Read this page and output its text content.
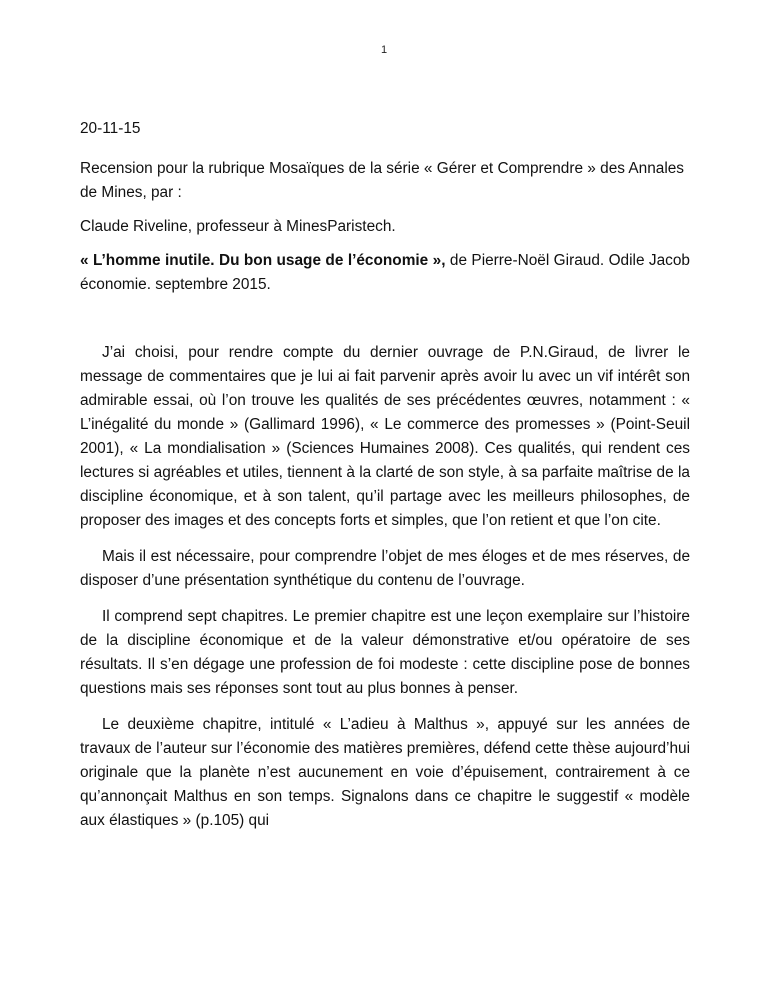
1

20-11-15

Recension pour la rubrique Mosaïques de la série « Gérer et Comprendre » des Annales de Mines, par :

Claude Riveline, professeur à MinesParistech.

« L’homme inutile. Du bon usage de l’économie », de Pierre-Noël Giraud. Odile Jacob économie. septembre 2015.

J’ai choisi, pour rendre compte du dernier ouvrage de P.N.Giraud, de livrer le message de commentaires que je lui ai fait parvenir après avoir lu avec un vif intérêt son admirable essai, où l’on trouve les qualités de ses précédentes œuvres, notamment : « L’inégalité du monde » (Gallimard 1996), « Le commerce des promesses » (Point-Seuil 2001), « La mondialisation » (Sciences Humaines 2008). Ces qualités, qui rendent ces lectures si agréables et utiles, tiennent à la clarté de son style, à sa parfaite maîtrise de la discipline économique, et à son talent, qu’il partage avec les meilleurs philosophes, de proposer des images et des concepts forts et simples, que l’on retient et que l’on cite.

Mais il est nécessaire, pour comprendre l’objet de mes éloges et de mes réserves, de disposer d’une présentation synthétique du contenu de l’ouvrage.

Il comprend sept chapitres. Le premier chapitre est une leçon exemplaire sur l’histoire de la discipline économique et de la valeur démonstrative et/ou opératoire de ses résultats. Il s’en dégage une profession de foi modeste : cette discipline pose de bonnes questions mais ses réponses sont tout au plus bonnes à penser.

Le deuxième chapitre, intitulé « L’adieu à Malthus », appuyé sur les années de travaux de l’auteur sur l’économie des matières premières, défend cette thèse aujourd’hui originale que la planète n’est aucunement en voie d’épuisement, contrairement à ce qu’annonçait Malthus en son temps. Signalons dans ce chapitre le suggestif « modèle aux élastiques » (p.105) qui
